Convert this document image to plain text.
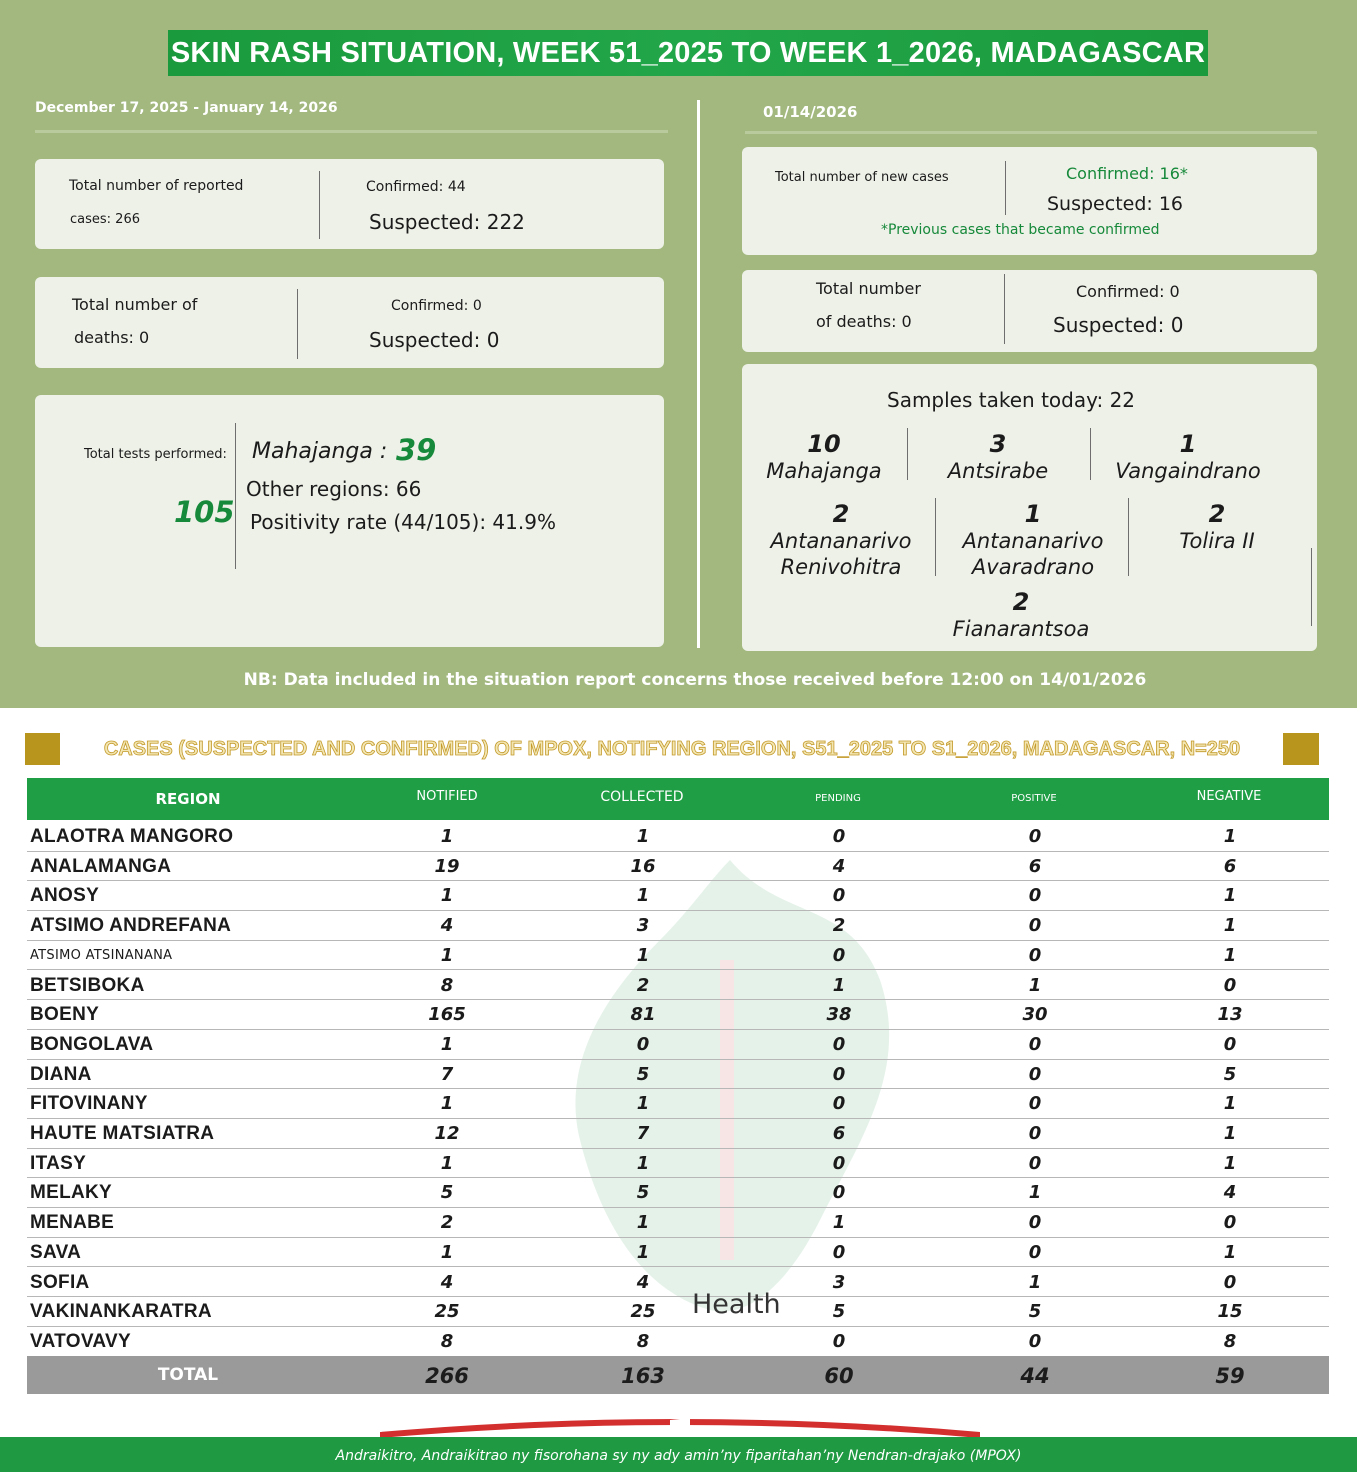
SKIN RASH SITUATION, WEEK 51_2025 TO WEEK 1_2026, MADAGASCAR
December 17, 2025 - January 14, 2026	01/14/2026
Total number of reported
cases: 266
Confirmed: 44
Suspected: 222
Total number of
deaths: 0
Confirmed: 0
Suspected: 0
Total tests performed:
105
Mahajanga : 39
Other regions: 66
Positivity rate (44/105): 41.9%
Total number of new cases	Confirmed: 16*
Suspected: 16
*Previous cases that became confirmed
Total number
of deaths: 0
Confirmed: 0
Suspected: 0
Samples taken today: 22
10
Mahajanga
3
Antsirabe
1
Vangaindrano
2
Antananarivo
Renivohitra
1
Antananarivo
Avaradrano
2
Tolira II
2
Fianarantsoa
NB: Data included in the situation report concerns those received before 12:00 on 14/01/2026
CASES (SUSPECTED AND CONFIRMED) OF MPOX, NOTIFYING REGION, S51_2025 TO S1_2026, MADAGASCAR, N=250
REGION	NOTIFIED	COLLECTED	PENDING	POSITIVE	NEGATIVE
ALAOTRA MANGORO	1	1	0	0	1
ANALAMANGA	19	16	4	6	6
ANOSY	1	1	0	0	1
ATSIMO ANDREFANA	4	3	2	0	1
ATSIMO ATSINANANA	1	1	0	0	1
BETSIBOKA	8	2	1	1	0
BOENY	165	81	38	30	13
BONGOLAVA	1	0	0	0	0
DIANA	7	5	0	0	5
FITOVINANY	1	1	0	0	1
HAUTE MATSIATRA	12	7	6	0	1
ITASY	1	1	0	0	1
MELAKY	5	5	0	1	4
MENABE	2	1	1	0	0
SAVA	1	1	0	0	1
SOFIA	4	4	3	1	0
VAKINANKARATRA	25	25	5	5	15
VATOVAVY	8	8	0	0	8
TOTAL	266	163	60	44	59
Health
Andraikitro, Andraikitrao ny fisorohana sy ny ady amin’ny fiparitahan’ny Nendran-drajako (MPOX)
